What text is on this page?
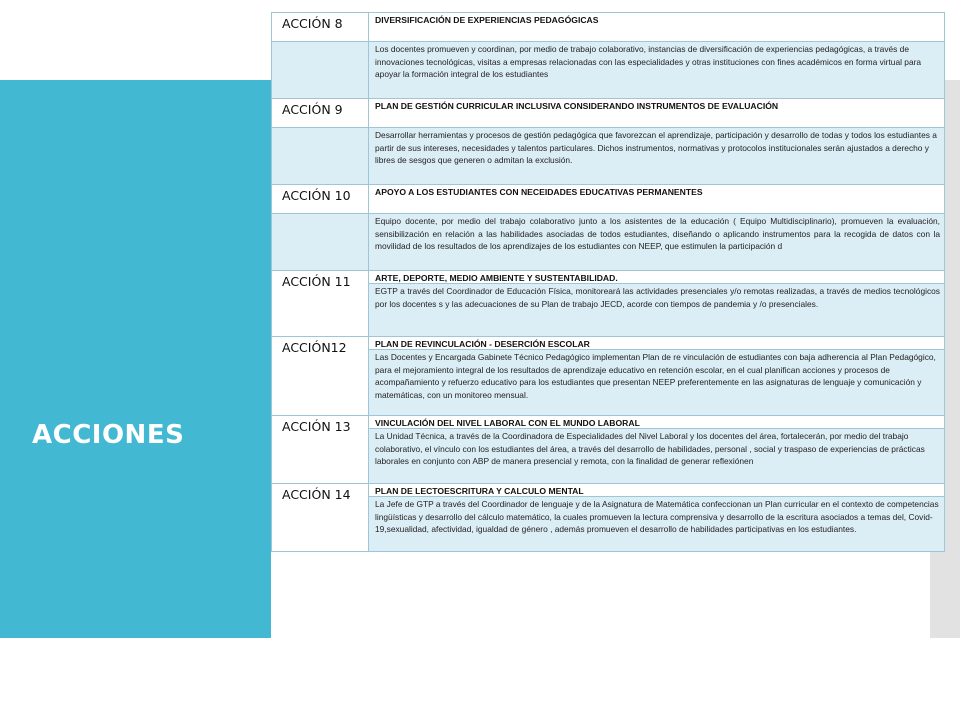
ACCIONES
ACCIÓN 8	DIVERSIFICACIÓN DE EXPERIENCIAS PEDAGÓGICAS
	Los docentes promueven y coordinan, por medio de trabajo colaborativo, instancias de diversificación de experiencias pedagógicas, a través de innovaciones tecnológicas, visitas a empresas relacionadas con las especialidades y otras instituciones con fines académicos en forma virtual para apoyar la formación integral de los estudiantes
ACCIÓN 9	PLAN DE GESTIÓN CURRICULAR INCLUSIVA CONSIDERANDO INSTRUMENTOS DE EVALUACIÓN
	Desarrollar herramientas y procesos de gestión pedagógica que favorezcan el aprendizaje, participación y desarrollo de todas y todos los estudiantes a partir de sus intereses, necesidades y talentos particulares. Dichos instrumentos, normativas y protocolos institucionales serán ajustados a derecho y libres de sesgos que generen o admitan la exclusión.
ACCIÓN 10	APOYO A LOS ESTUDIANTES CON NECEIDADES EDUCATIVAS PERMANENTES
	Equipo docente, por medio del trabajo colaborativo junto a los asistentes de la educación ( Equipo Multidisciplinario), promueven la evaluación, sensibilización en relación a las habilidades asociadas de todos estudiantes, diseñando o aplicando instrumentos para la recogida de datos con la movilidad de los resultados de los aprendizajes de los estudiantes con NEEP, que estimulen la participación d
ACCIÓN 11	ARTE, DEPORTE, MEDIO AMBIENTE Y SUSTENTABILIDAD.
	EGTP a través del Coordinador de Educación Física, monitoreará las actividades presenciales y/o remotas realizadas, a través de medios tecnológicos por los docentes s y las adecuaciones de su Plan de trabajo JECD, acorde con tiempos de pandemia y /o presenciales.
ACCIÓN12	PLAN DE REVINCULACIÓN - DESERCIÓN ESCOLAR
	Las Docentes y Encargada Gabinete Técnico Pedagógico implementan Plan de re vinculación de estudiantes con baja adherencia al Plan Pedagógico, para el mejoramiento integral de los resultados de aprendizaje educativo en retención escolar, en el cual planifican acciones y procesos de acompañamiento y refuerzo educativo para los estudiantes que presentan NEEP preferentemente en las asignaturas de lenguaje y comunicación y matemáticas, con un monitoreo mensual.
ACCIÓN 13	VINCULACIÓN DEL NIVEL LABORAL CON EL MUNDO LABORAL
	La Unidad Técnica, a través de la Coordinadora de Especialidades del Nivel Laboral y los docentes del área, fortalecerán, por medio del trabajo colaborativo, el vínculo con los estudiantes del área, a través del desarrollo de habilidades, personal , social y traspaso de experiencias de prácticas laborales en conjunto con ABP de manera presencial y remota, con la finalidad de generar reflexiónen
ACCIÓN 14	PLAN DE LECTOESCRITURA Y CALCULO MENTAL
	La Jefe de GTP a través del Coordinador de lenguaje y de la Asignatura de Matemática confeccionan un Plan curricular en el contexto de competencias lingüísticas y desarrollo del cálculo matemático, la cuales promueven la lectura comprensiva y desarrollo de la escritura asociados a temas del, Covid-19,sexualidad, afectividad, igualdad de género , además promueven el desarrollo de habilidades participativas en los estudiantes.
